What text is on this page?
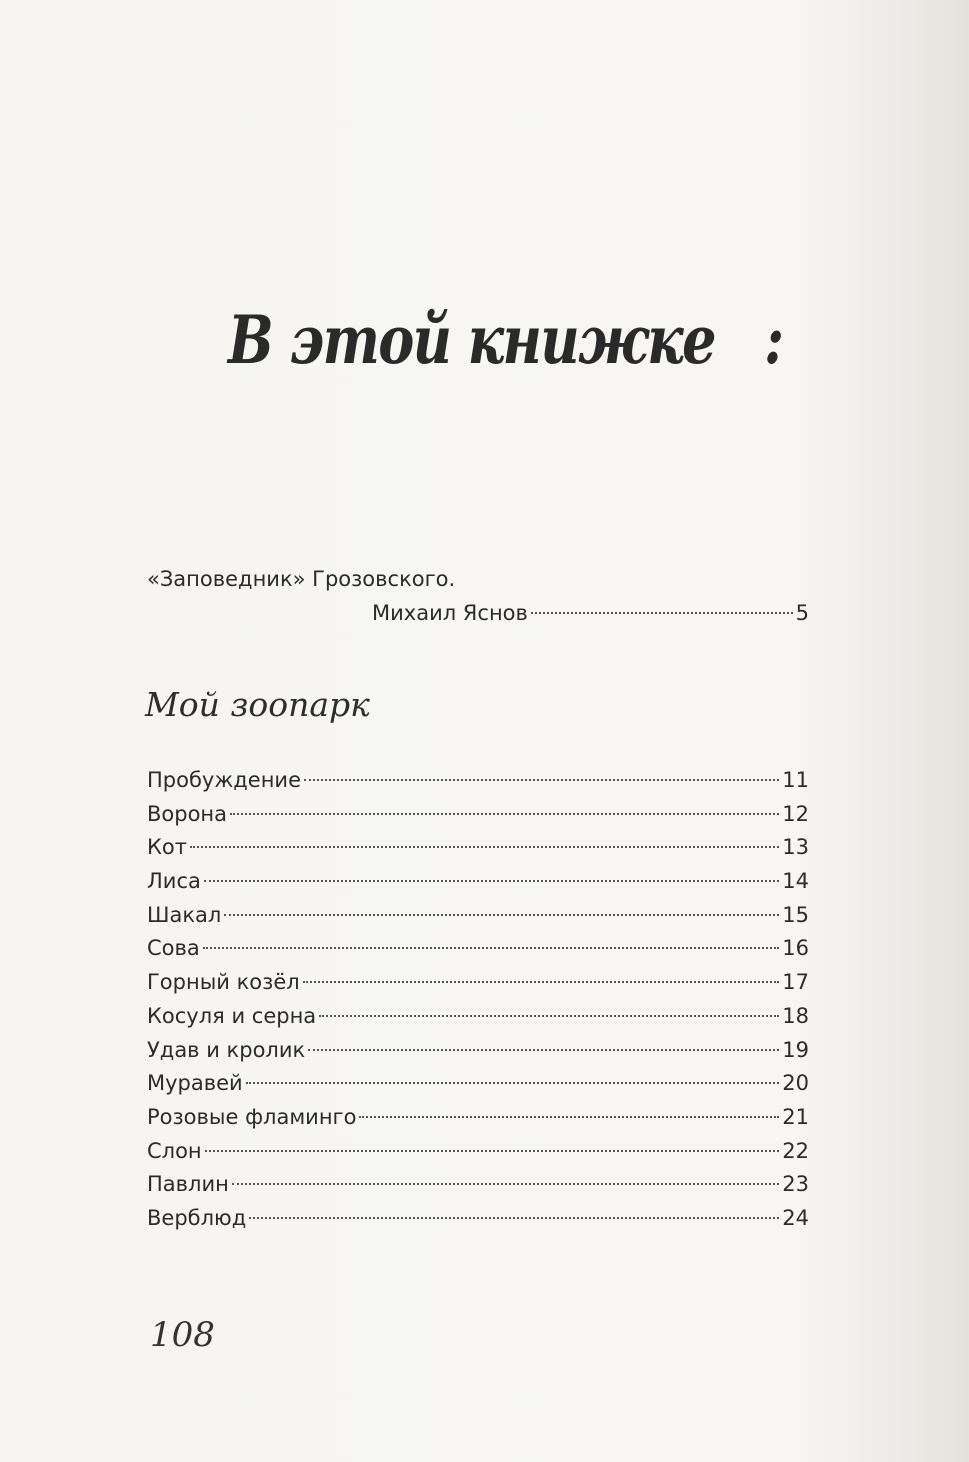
В этой книжке :
«Заповедник» Грозовского.
Михаил Яснов	5
Мой зоопарк
Пробуждение	11
Ворона	12
Кот	13
Лиса	14
Шакал	15
Сова	16
Горный козёл	17
Косуля и серна	18
Удав и кролик	19
Муравей	20
Розовые фламинго	21
Слон	22
Павлин	23
Верблюд	24
108
